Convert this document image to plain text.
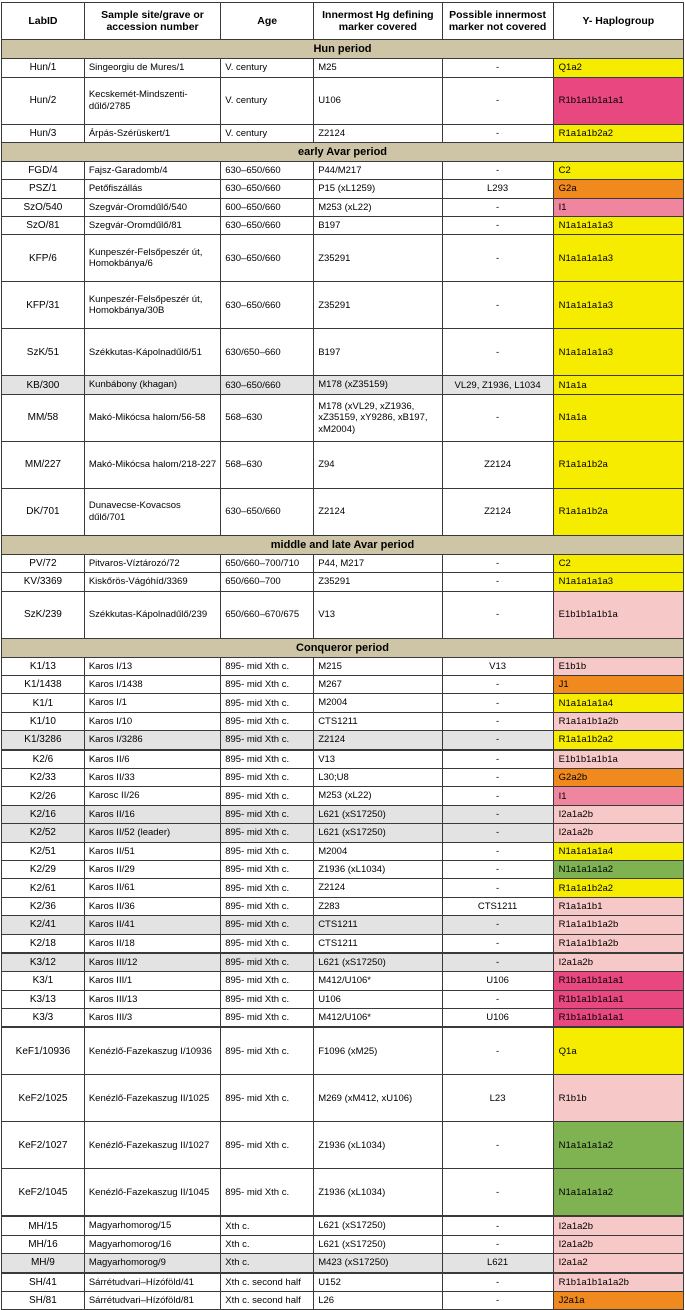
LabID	Sample site/grave or accession number	Age	Innermost Hg defining marker covered	Possible innermost marker not covered	Y- Haplogroup
Hun period					
Hun/1	Singeorgiu de Mures/1	V. century	M25	-	Q1a2
Hun/2	Kecskemét-Mindszenti-dűlő/2785	V. century	U106	-	R1b1a1b1a1a1
Hun/3	Árpás-Szérüskert/1	V. century	Z2124	-	R1a1a1b2a2
early Avar period					
FGD/4	Fajsz-Garadomb/4	630–650/660	P44/M217	-	C2
PSZ/1	Petőfiszállás	630–650/660	P15 (xL1259)	L293	G2a
SzO/540	Szegvár-Oromdűlő/540	600–650/660	M253 (xL22)	-	I1
SzO/81	Szegvár-Oromdűlő/81	630–650/660	B197	-	N1a1a1a1a3
KFP/6	Kunpeszér-Felsőpeszér út, Homokbánya/6	630–650/660	Z35291	-	N1a1a1a1a3
KFP/31	Kunpeszér-Felsőpeszér út, Homokbánya/30B	630–650/660	Z35291	-	N1a1a1a1a3
SzK/51	Székkutas-Kápolnadűlő/51	630/650–660	B197	-	N1a1a1a1a3
KB/300	Kunbábony (khagan)	630–650/660	M178 (xZ35159)	VL29, Z1936, L1034	N1a1a
MM/58	Makó-Mikócsa halom/56-58	568–630	M178 (xVL29, xZ1936, xZ35159, xY9286, xB197, xM2004)	-	N1a1a
MM/227	Makó-Mikócsa halom/218-227	568–630	Z94	Z2124	R1a1a1b2a
DK/701	Dunavecse-Kovacsos dűlő/701	630–650/660	Z2124	Z2124	R1a1a1b2a
middle and late Avar period					
PV/72	Pitvaros-Víztározó/72	650/660–700/710	P44, M217	-	C2
KV/3369	Kiskőrös-Vágóhíd/3369	650/660–700	Z35291	-	N1a1a1a1a3
SzK/239	Székkutas-Kápolnadűlő/239	650/660–670/675	V13	-	E1b1b1a1b1a
Conqueror period					
K1/13	Karos I/13	895- mid Xth c.	M215	V13	E1b1b
K1/1438	Karos I/1438	895- mid Xth c.	M267	-	J1
K1/1	Karos I/1	895- mid Xth c.	M2004	-	N1a1a1a1a4
K1/10	Karos I/10	895- mid Xth c.	CTS1211	-	R1a1a1b1a2b
K1/3286	Karos I/3286	895- mid Xth c.	Z2124	-	R1a1a1b2a2
K2/6	Karos II/6	895- mid Xth c.	V13	-	E1b1b1a1b1a
K2/33	Karos II/33	895- mid Xth c.	L30;U8	-	G2a2b
K2/26	Karosc II/26	895- mid Xth c.	M253 (xL22)	-	I1
K2/16	Karos II/16	895- mid Xth c.	L621 (xS17250)	-	I2a1a2b
K2/52	Karos II/52 (leader)	895- mid Xth c.	L621 (xS17250)	-	I2a1a2b
K2/51	Karos II/51	895- mid Xth c.	M2004	-	N1a1a1a1a4
K2/29	Karos II/29	895- mid Xth c.	Z1936 (xL1034)	-	N1a1a1a1a2
K2/61	Karos II/61	895- mid Xth c.	Z2124	-	R1a1a1b2a2
K2/36	Karos II/36	895- mid Xth c.	Z283	CTS1211	R1a1a1b1
K2/41	Karos II/41	895- mid Xth c.	CTS1211	-	R1a1a1b1a2b
K2/18	Karos II/18	895- mid Xth c.	CTS1211	-	R1a1a1b1a2b
K3/12	Karos III/12	895- mid Xth c.	L621 (xS17250)	-	I2a1a2b
K3/1	Karos III/1	895- mid Xth c.	M412/U106*	U106	R1b1a1b1a1a1
K3/13	Karos III/13	895- mid Xth c.	U106	-	R1b1a1b1a1a1
K3/3	Karos III/3	895- mid Xth c.	M412/U106*	U106	R1b1a1b1a1a1
KeF1/10936	Kenézlő-Fazekaszug I/10936	895- mid Xth c.	F1096 (xM25)	-	Q1a
KeF2/1025	Kenézlő-Fazekaszug II/1025	895- mid Xth c.	M269 (xM412, xU106)	L23	R1b1b
KeF2/1027	Kenézlő-Fazekaszug II/1027	895- mid Xth c.	Z1936 (xL1034)	-	N1a1a1a1a2
KeF2/1045	Kenézlő-Fazekaszug II/1045	895- mid Xth c.	Z1936 (xL1034)	-	N1a1a1a1a2
MH/15	Magyarhomorog/15	Xth c.	L621 (xS17250)	-	I2a1a2b
MH/16	Magyarhomorog/16	Xth c.	L621 (xS17250)	-	I2a1a2b
MH/9	Magyarhomorog/9	Xth c.	M423 (xS17250)	L621	I2a1a2
SH/41	Sárrétudvari–Hízóföld/41	Xth c. second half	U152	-	R1b1a1b1a1a2b
SH/81	Sárrétudvari–Hízóföld/81	Xth c. second half	L26	-	J2a1a
